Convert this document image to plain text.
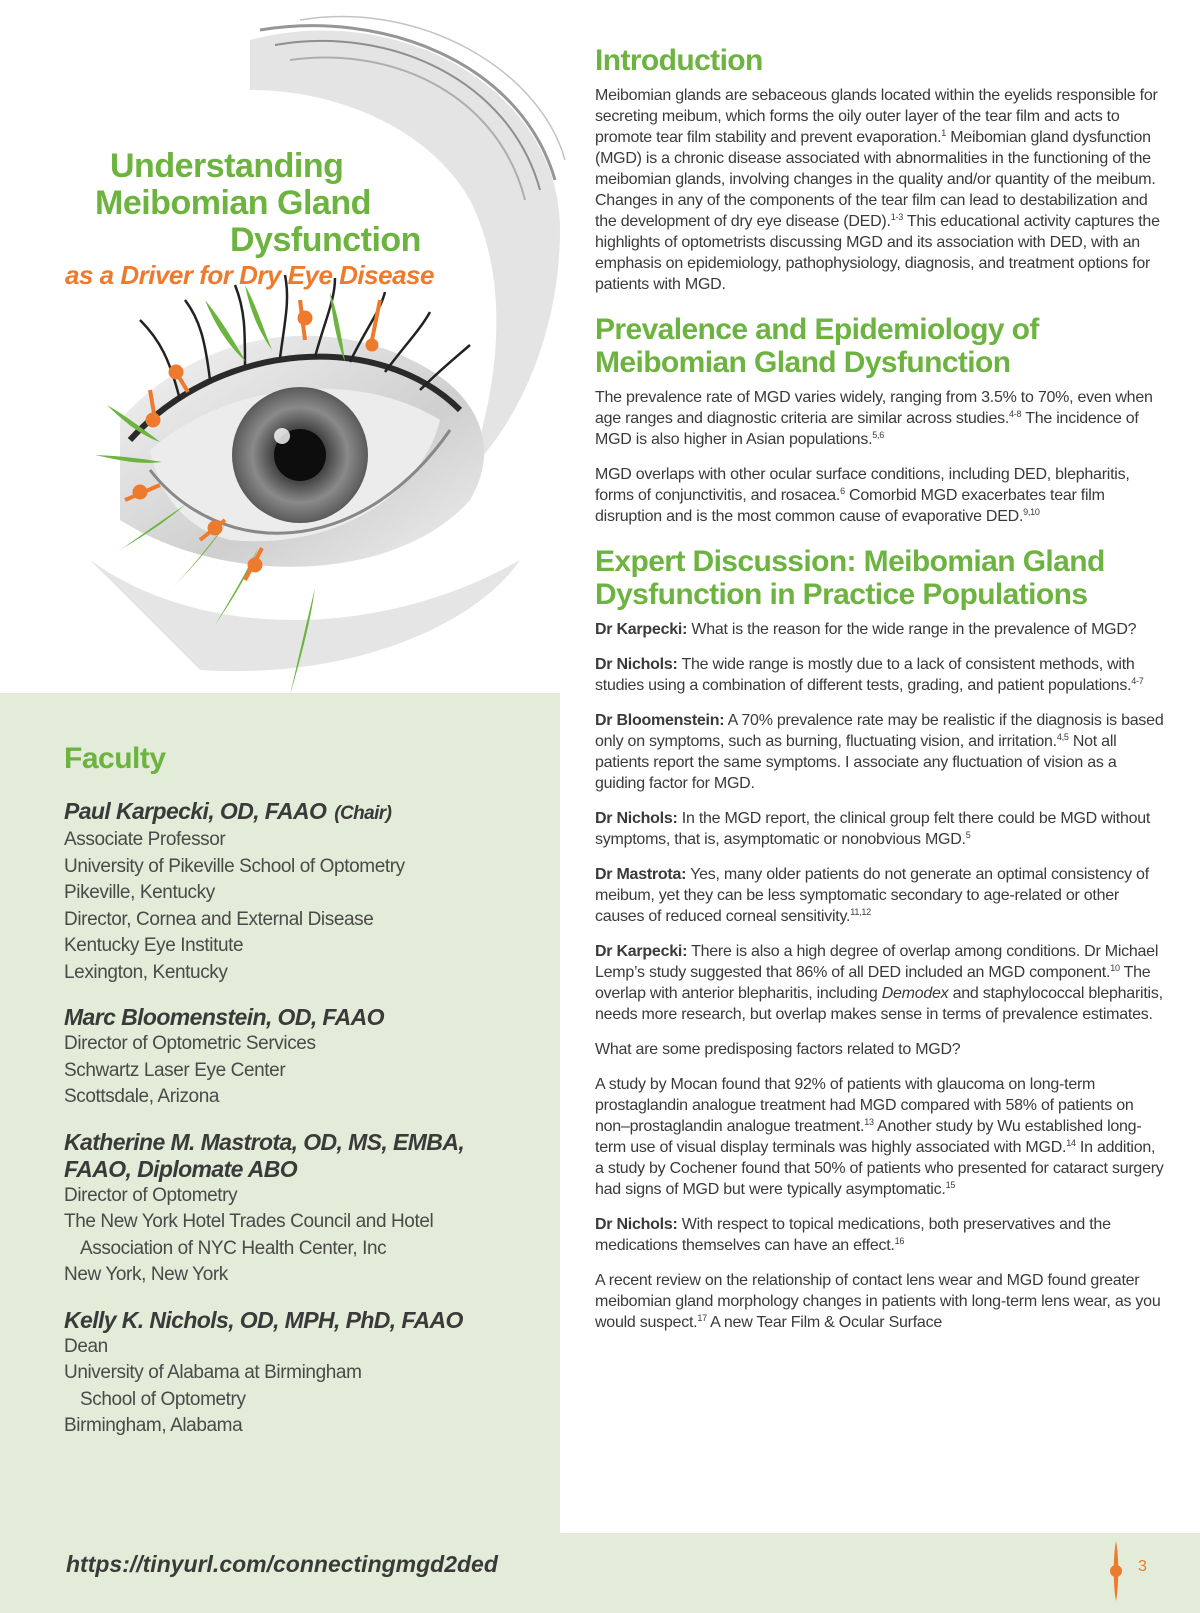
Understanding
Meibomian Gland
Dysfunction
as a Driver for Dry Eye Disease
Faculty
Paul Karpecki, OD, FAAO (Chair)
Associate Professor
University of Pikeville School of Optometry
Pikeville, Kentucky
Director, Cornea and External Disease
Kentucky Eye Institute
Lexington, Kentucky
Marc Bloomenstein, OD, FAAO
Director of Optometric Services
Schwartz Laser Eye Center
Scottsdale, Arizona
Katherine M. Mastrota, OD, MS, EMBA,
FAAO, Diplomate ABO
Director of Optometry
The New York Hotel Trades Council and Hotel
Association of NYC Health Center, Inc
New York, New York
Kelly K. Nichols, OD, MPH, PhD, FAAO
Dean
University of Alabama at Birmingham
School of Optometry
Birmingham, Alabama
Introduction

Meibomian glands are sebaceous glands located within the eyelids responsible for secreting meibum, which forms the oily outer layer of the tear film and acts to promote tear film stability and prevent evaporation.$^1$ Meibomian gland dysfunction (MGD) is a chronic disease associated with abnormalities in the functioning of the meibomian glands, involving changes in the quality and/or quantity of the meibum. Changes in any of the components of the tear film can lead to destabilization and the development of dry eye disease (DED).$^{1-3}$ This educational activity captures the highlights of optometrists discussing MGD and its association with DED, with an emphasis on epidemiology, pathophysiology, diagnosis, and treatment options for patients with MGD.

Prevalence and Epidemiology of
Meibomian Gland Dysfunction

The prevalence rate of MGD varies widely, ranging from 3.5% to 70%, even when age ranges and diagnostic criteria are similar across studies.$^{4-8}$ The incidence of MGD is also higher in Asian populations.$^{5,6}$

MGD overlaps with other ocular surface conditions, including DED, blepharitis, forms of conjunctivitis, and rosacea.$^6$ Comorbid MGD exacerbates tear film disruption and is the most common cause of evaporative DED.$^{9,10}$

Expert Discussion: Meibomian Gland
Dysfunction in Practice Populations

Dr Karpecki: What is the reason for the wide range in the prevalence of MGD?

Dr Nichols: The wide range is mostly due to a lack of consistent methods, with studies using a combination of different tests, grading, and patient populations.$^{4-7}$

Dr Bloomenstein: A 70% prevalence rate may be realistic if the diagnosis is based only on symptoms, such as burning, fluctuating vision, and irritation.$^{4,5}$ Not all patients report the same symptoms. I associate any fluctuation of vision as a guiding factor for MGD.

Dr Nichols: In the MGD report, the clinical group felt there could be MGD without symptoms, that is, asymptomatic or nonobvious MGD.$^5$

Dr Mastrota: Yes, many older patients do not generate an optimal consistency of meibum, yet they can be less symptomatic secondary to age-related or other causes of reduced corneal sensitivity.$^{11,12}$

Dr Karpecki: There is also a high degree of overlap among conditions. Dr Michael Lemp’s study suggested that 86% of all DED included an MGD component.$^{10}$ The overlap with anterior blepharitis, including Demodex and staphylococcal blepharitis, needs more research, but overlap makes sense in terms of prevalence estimates.

What are some predisposing factors related to MGD?

A study by Mocan found that 92% of patients with glaucoma on long-term prostaglandin analogue treatment had MGD compared with 58% of patients on non–prostaglandin analogue treatment.$^{13}$ Another study by Wu established long-term use of visual display terminals was highly associated with MGD.$^{14}$ In addition, a study by Cochener found that 50% of patients who presented for cataract surgery had signs of MGD but were typically asymptomatic.$^{15}$

Dr Nichols: With respect to topical medications, both preservatives and the medications themselves can have an effect.$^{16}$

A recent review on the relationship of contact lens wear and MGD found greater meibomian gland morphology changes in patients with long-term lens wear, as you would suspect.$^{17}$ A new Tear Film & Ocular Surface

https://tinyurl.com/connectingmgd2ded	3
